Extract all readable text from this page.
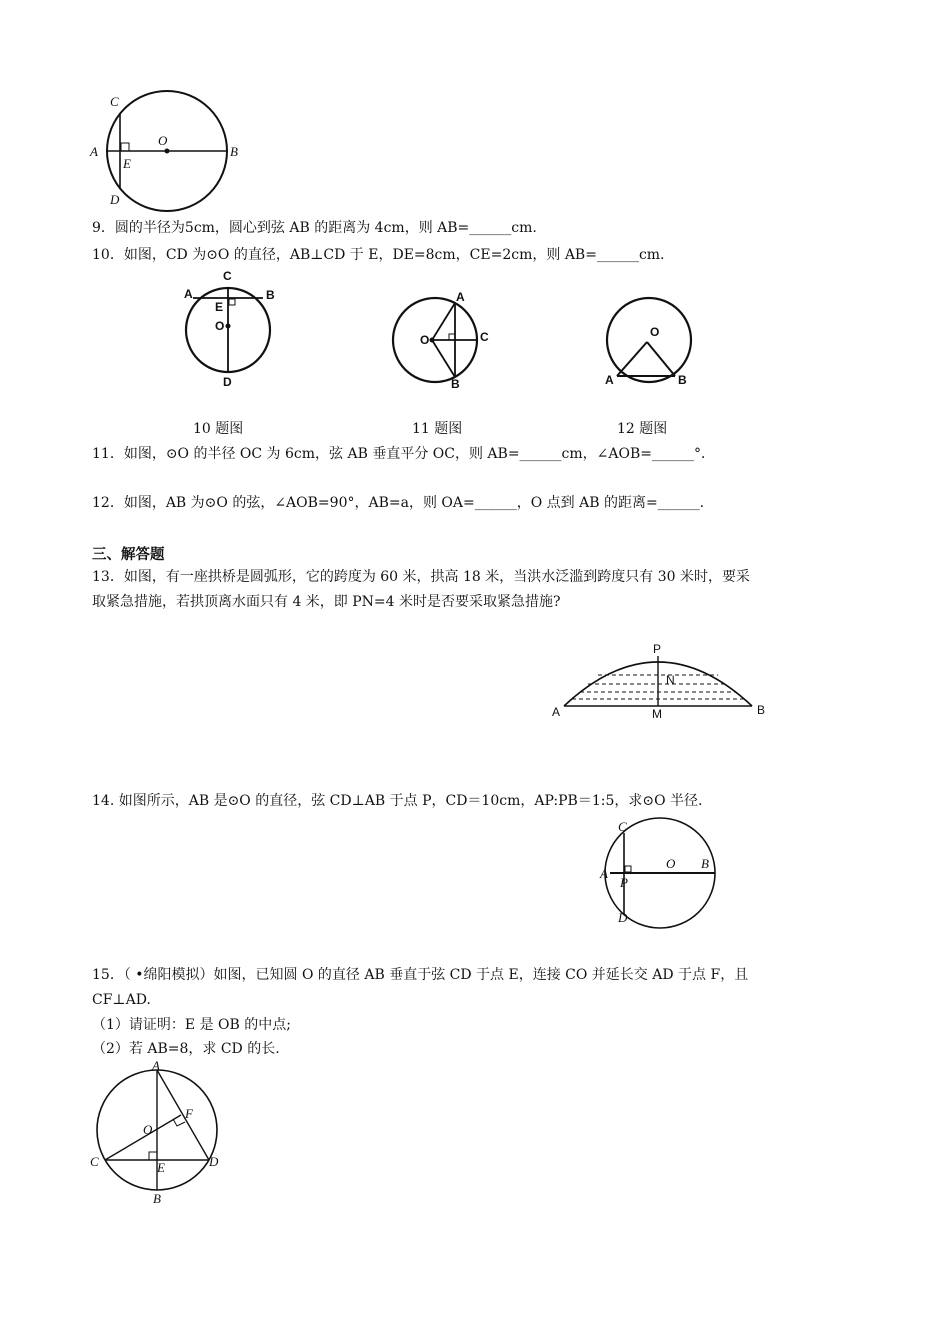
C
A
O
B
E
D
9．圆的半径为5cm，圆心到弦 AB 的距离为 4cm，则 AB=______cm.
10．如图，CD 为⊙O 的直径，AB⊥CD 于 E，DE=8cm，CE=2cm，则 AB=______cm.
C
A	B
E
O
D
A
O	C
B
O
A	B
10 题图	11 题图	12 题图
11．如图，⊙O 的半径 OC 为 6cm，弦 AB 垂直平分 OC，则 AB=______cm，∠AOB=______°．
12．如图，AB 为⊙O 的弦，∠AOB=90°，AB=a，则 OA=______，O 点到 AB 的距离=______.
三、解答题
13．如图，有一座拱桥是圆弧形，它的跨度为 60 米，拱高 18 米，当洪水泛滥到跨度只有 30 米时，要采
取紧急措施，若拱顶离水面只有 4 米，即 PN=4 米时是否要采取紧急措施?
P
N
A	M	B
14. 如图所示，AB 是⊙O 的直径，弦 CD⊥AB 于点 P，CD＝10cm，AP:PB＝1:5，求⊙O 半径.
C
A
P
O B
D
15．（ •绵阳模拟）如图，已知圆 O 的直径 AB 垂直于弦 CD 于点 E，连接 CO 并延长交 AD 于点 F，且
CF⊥AD.
（1）请证明：E 是 OB 的中点;
（2）若 AB=8，求 CD 的长.
A
F
O
C	E	D
B
